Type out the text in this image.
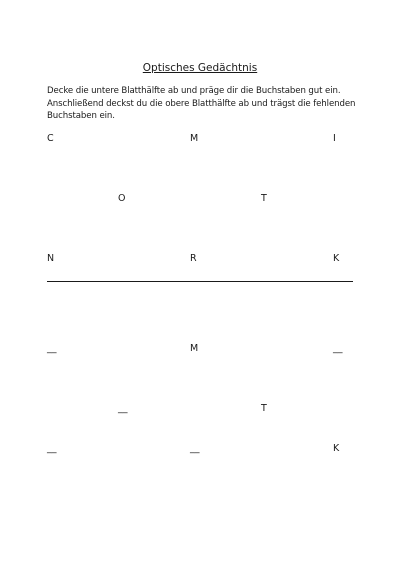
Optisches Gedächtnis
Decke die untere Blatthälfte ab und präge dir die Buchstaben gut ein.
Anschließend deckst du die obere Blatthälfte ab und trägst die fehlenden
Buchstaben ein.
C	M	I
O	T
N	R	K
__	M	__
__	T
__	__	K
